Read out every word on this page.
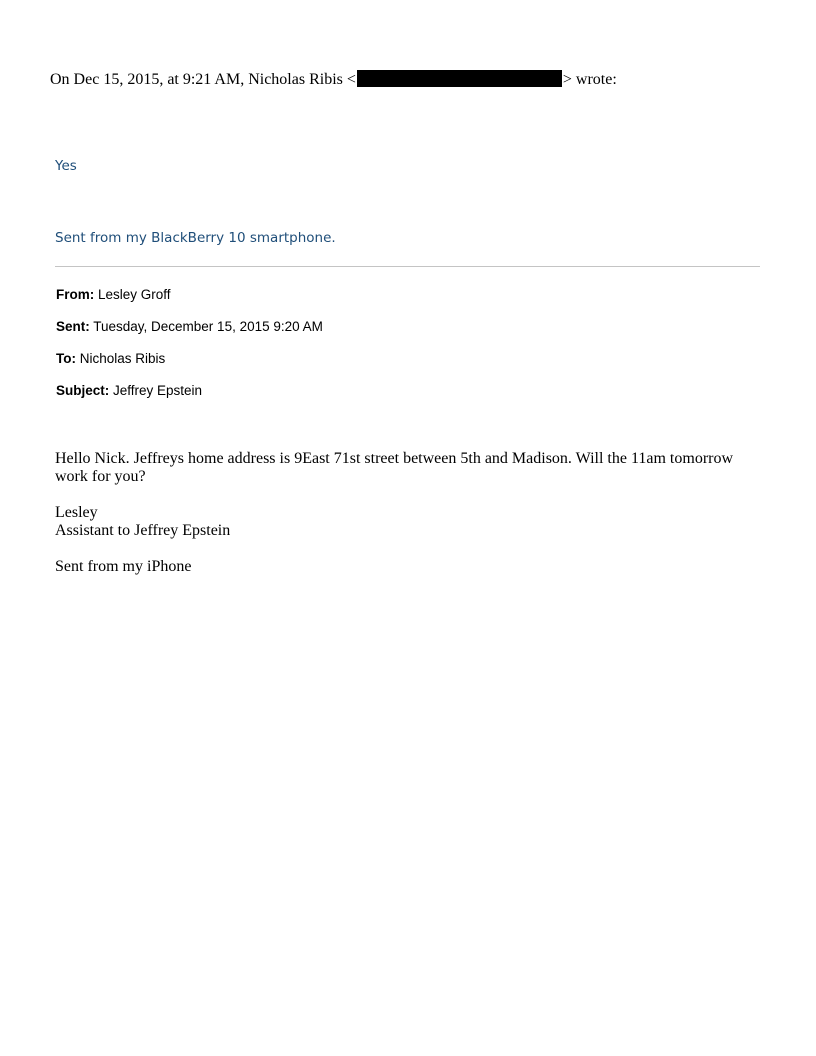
On Dec 15, 2015, at 9:21 AM, Nicholas Ribis <	> wrote:
Yes
Sent from my BlackBerry 10 smartphone.
From: Lesley Groff
Sent: Tuesday, December 15, 2015 9:20 AM
To: Nicholas Ribis
Subject: Jeffrey Epstein
Hello Nick. Jeffreys home address is 9East 71st street between 5th and Madison. Will the 11am tomorrow work for you?
Lesley
Assistant to Jeffrey Epstein
Sent from my iPhone
